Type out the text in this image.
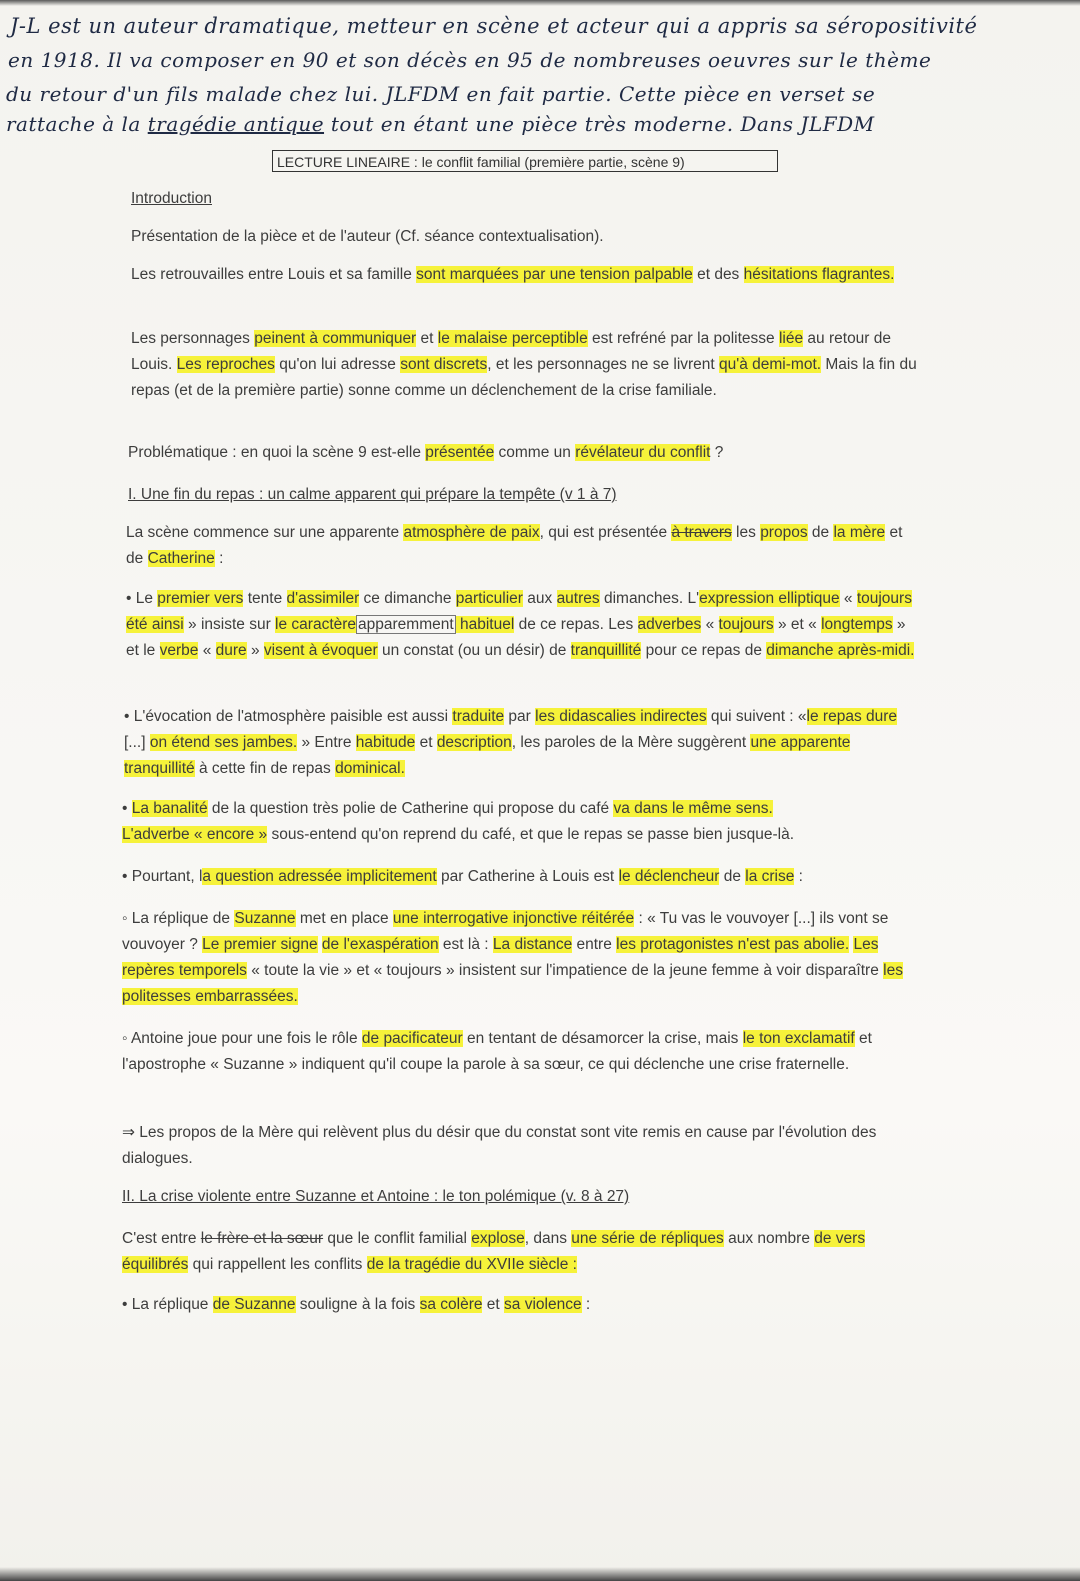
J-L est un auteur dramatique, metteur en scène et acteur qui a appris sa séropositivité
en 1918. Il va composer en 90 et son décès en 95 de nombreuses oeuvres sur le thème
du retour d'un fils malade chez lui. JLFDM en fait partie. Cette pièce en verset se
rattache à la tragédie antique tout en étant une pièce très moderne. Dans JLFDM
LECTURE LINEAIRE : le conflit familial (première partie, scène 9)
Introduction
Présentation de la pièce et de l'auteur (Cf. séance contextualisation).
Les retrouvailles entre Louis et sa famille sont marquées par une tension palpable et des hésitations flagrantes.
Les personnages peinent à communiquer et le malaise perceptible est refréné par la politesse liée au retour de Louis. Les reproches qu'on lui adresse sont discrets, et les personnages ne se livrent qu'à demi-mot. Mais la fin du repas (et de la première partie) sonne comme un déclenchement de la crise familiale.
Problématique : en quoi la scène 9 est-elle présentée comme un révélateur du conflit ?
I. Une fin du repas : un calme apparent qui prépare la tempête (v 1 à 7)
La scène commence sur une apparente atmosphère de paix, qui est présentée à travers les propos de la mère et de Catherine :
• Le premier vers tente d'assimiler ce dimanche particulier aux autres dimanches. L'expression elliptique « toujours été ainsi » insiste sur le caractère apparemment habituel de ce repas. Les adverbes « toujours » et « longtemps » et le verbe « dure » visent à évoquer un constat (ou un désir) de tranquillité pour ce repas de dimanche après-midi.
• L'évocation de l'atmosphère paisible est aussi traduite par les didascalies indirectes qui suivent : «le repas dure [...] on étend ses jambes. » Entre habitude et description, les paroles de la Mère suggèrent une apparente tranquillité à cette fin de repas dominical.
• La banalité de la question très polie de Catherine qui propose du café va dans le même sens.
L'adverbe « encore » sous-entend qu'on reprend du café, et que le repas se passe bien jusque-là.
• Pourtant, la question adressée implicitement par Catherine à Louis est le déclencheur de la crise :
◦ La réplique de Suzanne met en place une interrogative injonctive réitérée : « Tu vas le vouvoyer [...] ils vont se vouvoyer ? Le premier signe de l'exaspération est là : La distance entre les protagonistes n'est pas abolie. Les repères temporels « toute la vie » et « toujours » insistent sur l'impatience de la jeune femme à voir disparaître les politesses embarrassées.
◦ Antoine joue pour une fois le rôle de pacificateur en tentant de désamorcer la crise, mais le ton exclamatif et l'apostrophe « Suzanne » indiquent qu'il coupe la parole à sa sœur, ce qui déclenche une crise fraternelle.
⇒ Les propos de la Mère qui relèvent plus du désir que du constat sont vite remis en cause par l'évolution des dialogues.
II. La crise violente entre Suzanne et Antoine : le ton polémique (v. 8 à 27)
C'est entre le frère et la sœur que le conflit familial explose, dans une série de répliques aux nombre de vers équilibrés qui rappellent les conflits de la tragédie du XVIIe siècle :
• La réplique de Suzanne souligne à la fois sa colère et sa violence :
